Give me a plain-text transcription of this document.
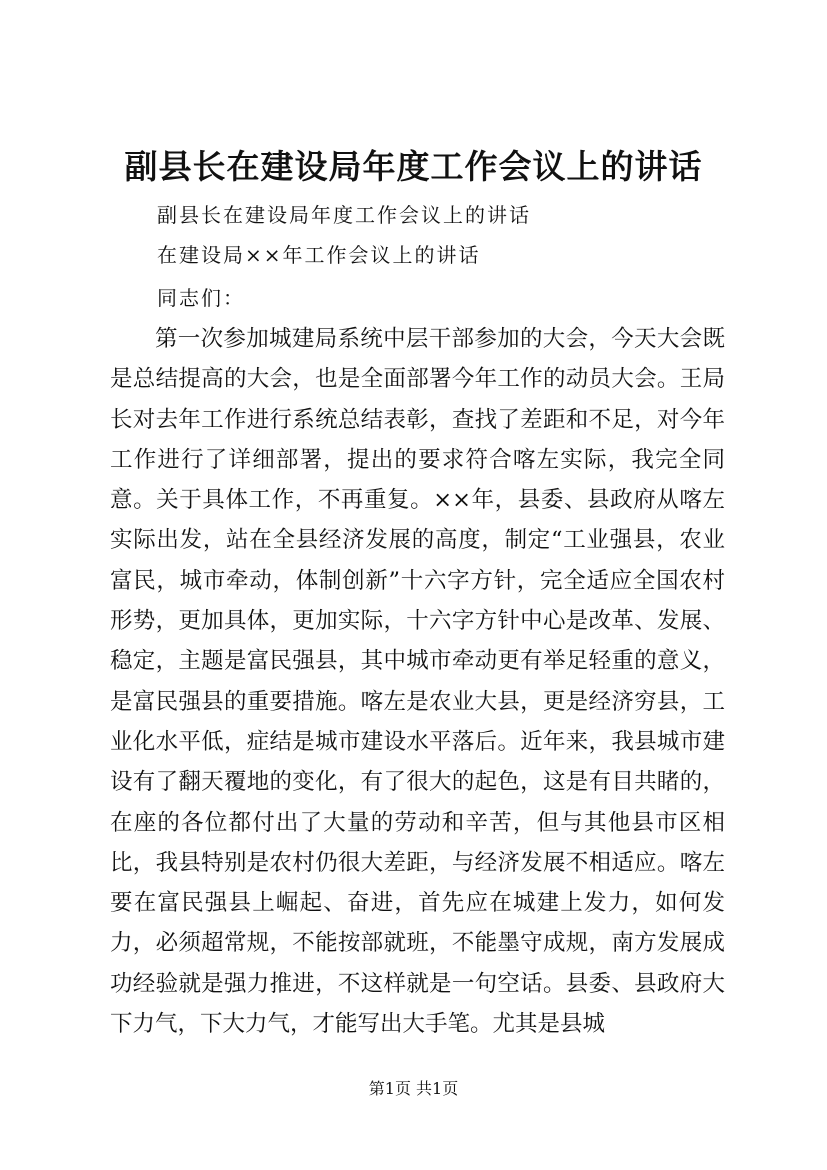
副县长在建设局年度工作会议上的讲话

副县长在建设局年度工作会议上的讲话

在建设局××年工作会议上的讲话

同志们：

第一次参加城建局系统中层干部参加的大会，今天大会既是总结提高的大会，也是全面部署今年工作的动员大会。王局长对去年工作进行系统总结表彰，查找了差距和不足，对今年工作进行了详细部署，提出的要求符合喀左实际，我完全同意。关于具体工作，不再重复。××年，县委、县政府从喀左实际出发，站在全县经济发展的高度，制定“工业强县，农业富民，城市牵动，体制创新”十六字方针，完全适应全国农村形势，更加具体，更加实际，十六字方针中心是改革、发展、稳定，主题是富民强县，其中城市牵动更有举足轻重的意义，是富民强县的重要措施。喀左是农业大县，更是经济穷县，工业化水平低，症结是城市建设水平落后。近年来，我县城市建设有了翻天覆地的变化，有了很大的起色，这是有目共睹的，在座的各位都付出了大量的劳动和辛苦，但与其他县市区相比，我县特别是农村仍很大差距，与经济发展不相适应。喀左要在富民强县上崛起、奋进，首先应在城建上发力，如何发力，必须超常规，不能按部就班，不能墨守成规，南方发展成功经验就是强力推进，不这样就是一句空话。县委、县政府大下力气，下大力气，才能写出大手笔。尤其是县城

第1页 共1页
